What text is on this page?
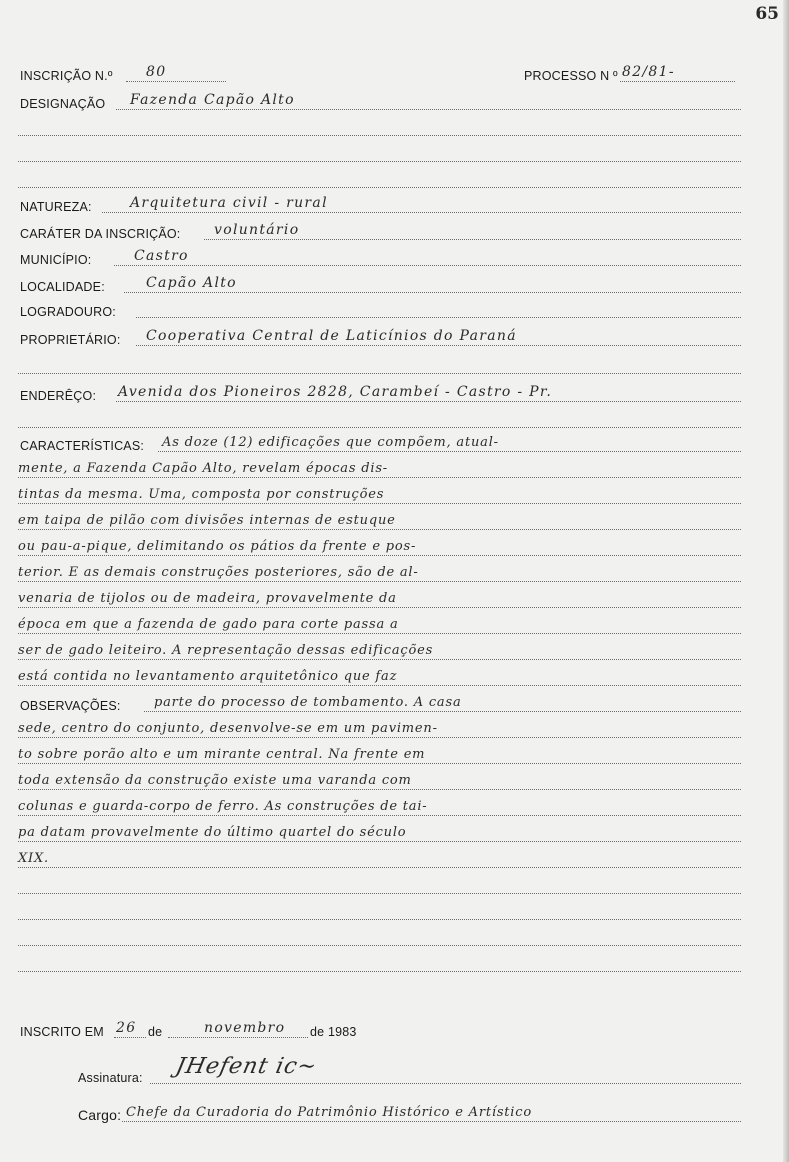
65
INSCRIÇÃO N.º 80	PROCESSO N º 82/81-
DESIGNAÇÃO Fazenda Capão Alto
NATUREZA:	Arquitetura civil - rural
CARÁTER DA INSCRIÇÃO: voluntário
MUNICÍPIO:	Castro
LOCALIDADE:	Capão Alto
LOGRADOURO:
PROPRIETÁRIO: Cooperativa Central de Laticínios do Paraná
ENDERÊÇO: Avenida dos Pioneiros 2828, Carambeí - Castro - Pr.
CARACTERÍSTICAS: As doze (12) edificações que compõem, atual-
mente, a Fazenda Capão Alto, revelam épocas dis-
tintas da mesma. Uma, composta por construções
em taipa de pilão com divisões internas de estuque
ou pau-a-pique, delimitando os pátios da frente e pos-
terior. E as demais construções posteriores, são de al-
venaria de tijolos ou de madeira, provavelmente da
época em que a fazenda de gado para corte passa a
ser de gado leiteiro. A representação dessas edificações
está contida no levantamento arquitetônico que faz
OBSERVAÇÕES:	parte do processo de tombamento. A casa
sede, centro do conjunto, desenvolve-se em um pavimen-
to sobre porão alto e um mirante central. Na frente em
toda extensão da construção existe uma varanda com
colunas e guarda-corpo de ferro. As construções de tai-
pa datam provavelmente do último quartel do século
XIX.
INSCRITO EM 26 de	novembro de 1983
Assinatura: JHefent ic~
Cargo: Chefe da Curadoria do Patrimônio Histórico e Artístico
